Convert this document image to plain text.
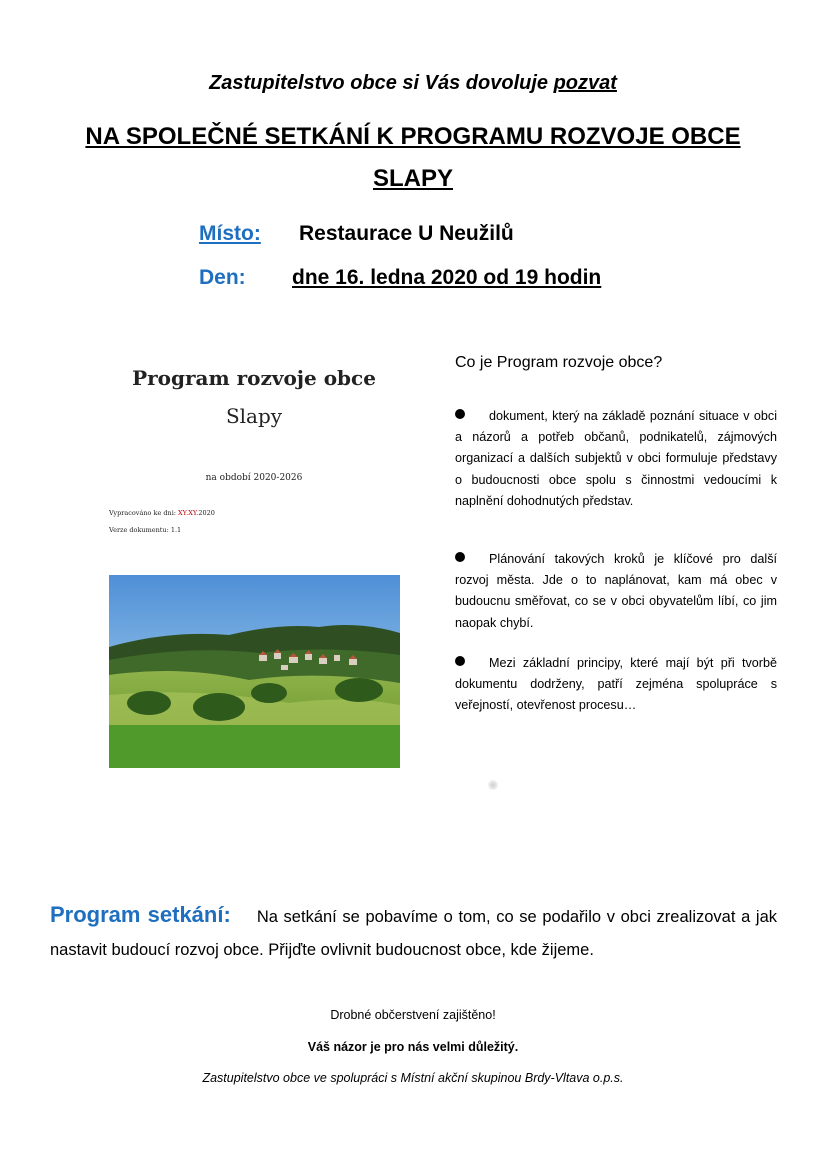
Zastupitelstvo obce si Vás dovoluje pozvat
NA SPOLEČNÉ SETKÁNÍ K PROGRAMU ROZVOJE OBCE
SLAPY
Místo:	Restaurace U Neužilů
Den: dne 16. ledna 2020 od 19 hodin
Program rozvoje obce
Slapy
na období 2020-2026
Vypracováno ke dni: XY.XY.2020
Verze dokumentu: 1.1
Co je Program rozvoje obce?
dokument, který na základě poznání situace v obci a názorů a potřeb občanů, podnikatelů, zájmových organizací a dalších subjektů v obci formuluje představy o budoucnosti obce spolu s činnostmi vedoucími k naplnění dohodnutých představ.
Plánování takových kroků je klíčové pro další rozvoj města. Jde o to naplánovat, kam má obec v budoucnu směřovat, co se v obci obyvatelům líbí, co jim naopak chybí.
Mezi základní principy, které mají být při tvorbě dokumentu dodrženy, patří zejména spolupráce s veřejností, otevřenost procesu…
Program setkání: Na setkání se pobavíme o tom, co se podařilo v obci zrealizovat a jak nastavit budoucí rozvoj obce. Přijďte ovlivnit budoucnost obce, kde žijeme.
Drobné občerstvení zajištěno!
Váš názor je pro nás velmi důležitý.
Zastupitelstvo obce ve spolupráci s Místní akční skupinou Brdy-Vltava o.p.s.
